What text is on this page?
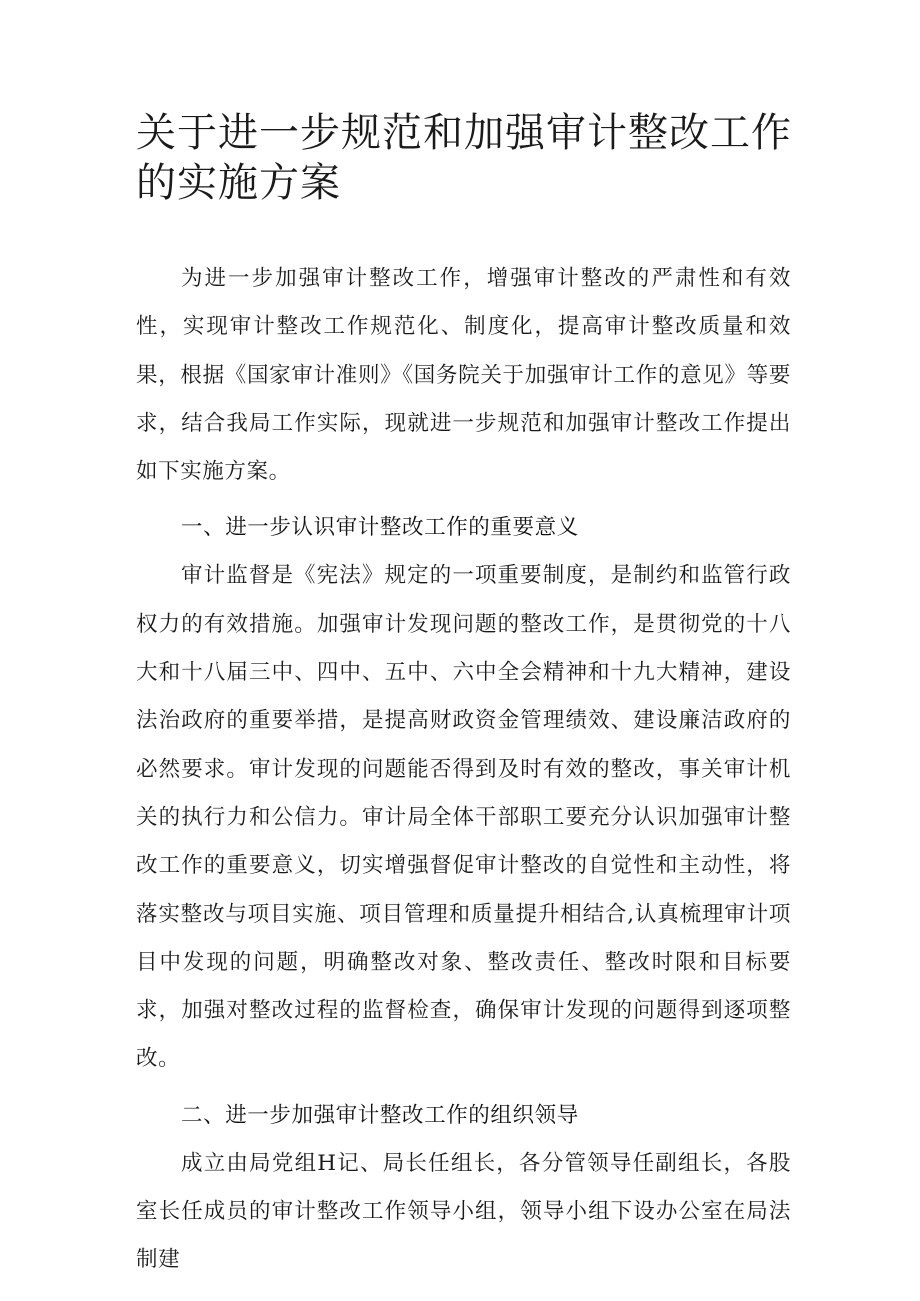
关于进一步规范和加强审计整改工作的实施方案

为进一步加强审计整改工作，增强审计整改的严肃性和有效性，实现审计整改工作规范化、制度化，提高审计整改质量和效果，根据《国家审计准则》《国务院关于加强审计工作的意见》等要求，结合我局工作实际，现就进一步规范和加强审计整改工作提出如下实施方案。

一、进一步认识审计整改工作的重要意义

审计监督是《宪法》规定的一项重要制度，是制约和监管行政权力的有效措施。加强审计发现问题的整改工作，是贯彻党的十八大和十八届三中、四中、五中、六中全会精神和十九大精神，建设法治政府的重要举措，是提高财政资金管理绩效、建设廉洁政府的必然要求。审计发现的问题能否得到及时有效的整改，事关审计机关的执行力和公信力。审计局全体干部职工要充分认识加强审计整改工作的重要意义，切实增强督促审计整改的自觉性和主动性，将落实整改与项目实施、项目管理和质量提升相结合,认真梳理审计项目中发现的问题，明确整改对象、整改责任、整改时限和目标要求，加强对整改过程的监督检查，确保审计发现的问题得到逐项整改。

二、进一步加强审计整改工作的组织领导

成立由局党组H记、局长任组长，各分管领导任副组长，各股室长任成员的审计整改工作领导小组，领导小组下设办公室在局法制建
